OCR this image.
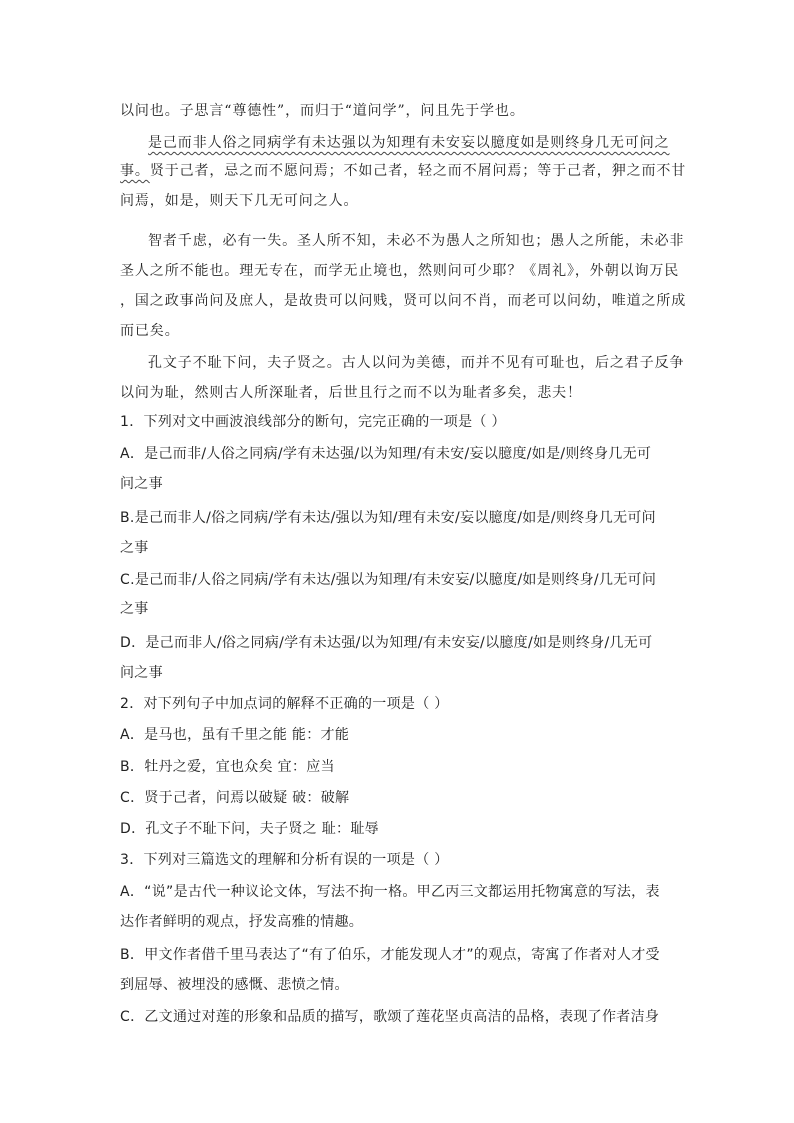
以问也。子思言“尊德性”，而归于“道问学”，问且先于学也。
是己而非人俗之同病学有未达强以为知理有未安妄以臆度如是则终身几无可问之
事。贤于己者，忌之而不愿问焉；不如己者，轻之而不屑问焉；等于己者，狎之而不甘
问焉，如是，则天下几无可问之人。
智者千虑，必有一失。圣人所不知，未必不为愚人之所知也；愚人之所能，未必非
圣人之所不能也。理无专在，而学无止境也，然则问可少耶？《周礼》，外朝以询万民
，国之政事尚问及庶人，是故贵可以问贱，贤可以问不肖，而老可以问幼，唯道之所成
而已矣。
孔文子不耻下问，夫子贤之。古人以问为美德，而并不见有可耻也，后之君子反争
以问为耻，然则古人所深耻者，后世且行之而不以为耻者多矣，悲夫！
1．下列对文中画波浪线部分的断句，完完正确的一项是（ ）
A．是己而非/人俗之同病/学有未达强/以为知理/有未安/妄以臆度/如是/则终身几无可
问之事
B.是己而非人/俗之同病/学有未达/强以为知/理有未安/妄以臆度/如是/则终身几无可问
之事
C.是己而非/人俗之同病/学有未达/强以为知理/有未安妄/以臆度/如是则终身/几无可问
之事
D．是己而非人/俗之同病/学有未达强/以为知理/有未安妄/以臆度/如是则终身/几无可
问之事
2．对下列句子中加点词的解释不正确的一项是（ ）
A．是马也，虽有千里之能 能：才能
B．牡丹之爱，宜也众矣 宜：应当
C．贤于己者，问焉以破疑 破：破解
D．孔文子不耻下问，夫子贤之 耻：耻辱
3．下列对三篇选文的理解和分析有误的一项是（ ）
A．“说”是古代一种议论文体，写法不拘一格。甲乙丙三文都运用托物寓意的写法，表
达作者鲜明的观点，抒发高雅的情趣。
B．甲文作者借千里马表达了“有了伯乐，才能发现人才”的观点，寄寓了作者对人才受
到屈辱、被埋没的感慨、悲愤之情。
C．乙文通过对莲的形象和品质的描写，歌颂了莲花坚贞高洁的品格，表现了作者洁身
